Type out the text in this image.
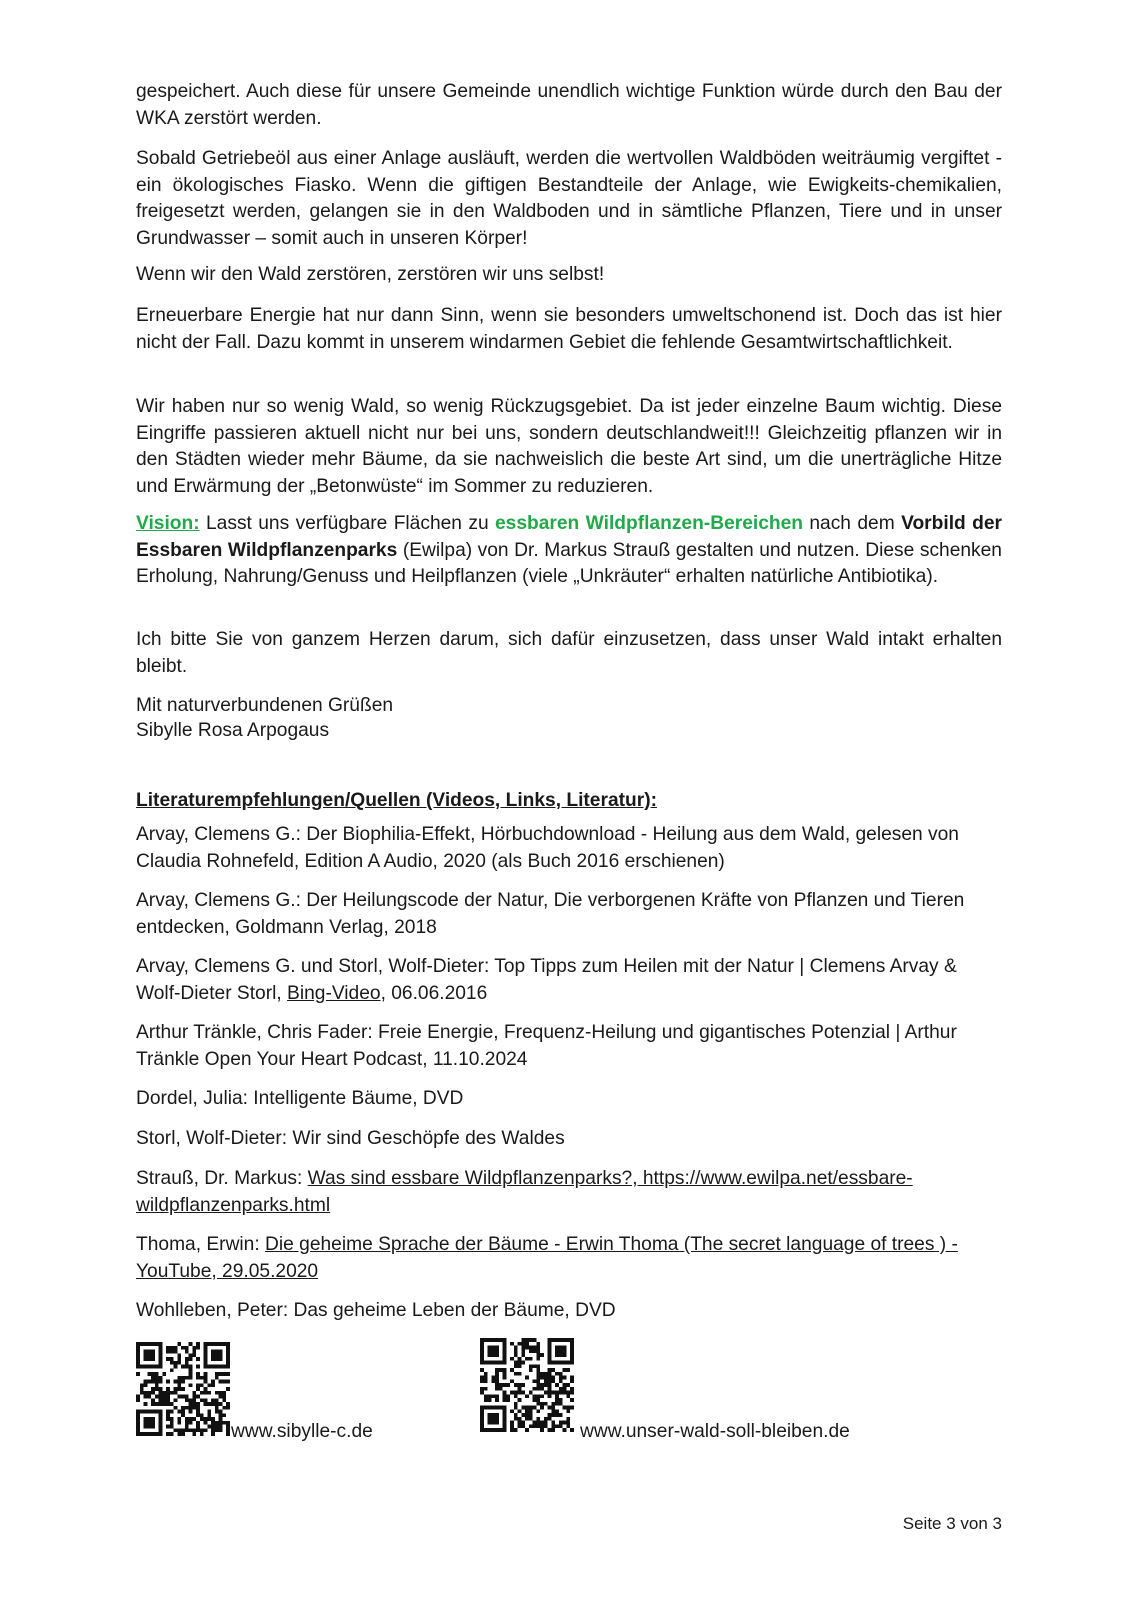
gespeichert. Auch diese für unsere Gemeinde unendlich wichtige Funktion würde durch den Bau der WKA zerstört werden.

Sobald Getriebeöl aus einer Anlage ausläuft, werden die wertvollen Waldböden weiträumig vergiftet - ein ökologisches Fiasko. Wenn die giftigen Bestandteile der Anlage, wie Ewigkeits-chemikalien, freigesetzt werden, gelangen sie in den Waldboden und in sämtliche Pflanzen, Tiere und in unser Grundwasser – somit auch in unseren Körper!

Wenn wir den Wald zerstören, zerstören wir uns selbst!

Erneuerbare Energie hat nur dann Sinn, wenn sie besonders umweltschonend ist. Doch das ist hier nicht der Fall. Dazu kommt in unserem windarmen Gebiet die fehlende Gesamtwirtschaftlichkeit.

Wir haben nur so wenig Wald, so wenig Rückzugsgebiet. Da ist jeder einzelne Baum wichtig. Diese Eingriffe passieren aktuell nicht nur bei uns, sondern deutschlandweit!!! Gleichzeitig pflanzen wir in den Städten wieder mehr Bäume, da sie nachweislich die beste Art sind, um die unerträgliche Hitze und Erwärmung der „Betonwüste“ im Sommer zu reduzieren.

Vision: Lasst uns verfügbare Flächen zu essbaren Wildpflanzen-Bereichen nach dem Vorbild der Essbaren Wildpflanzenparks (Ewilpa) von Dr. Markus Strauß gestalten und nutzen. Diese schenken Erholung, Nahrung/Genuss und Heilpflanzen (viele „Unkräuter“ erhalten natürliche Antibiotika).

Ich bitte Sie von ganzem Herzen darum, sich dafür einzusetzen, dass unser Wald intakt erhalten bleibt.

Mit naturverbundenen Grüßen

Sibylle Rosa Arpogaus

Literaturempfehlungen/Quellen (Videos, Links, Literatur):

Arvay, Clemens G.: Der Biophilia-Effekt, Hörbuchdownload - Heilung aus dem Wald, gelesen von Claudia Rohnefeld, Edition A Audio, 2020 (als Buch 2016 erschienen)

Arvay, Clemens G.: Der Heilungscode der Natur, Die verborgenen Kräfte von Pflanzen und Tieren entdecken, Goldmann Verlag, 2018

Arvay, Clemens G. und Storl, Wolf-Dieter: Top Tipps zum Heilen mit der Natur | Clemens Arvay & Wolf-Dieter Storl, Bing-Video, 06.06.2016

Arthur Tränkle, Chris Fader: Freie Energie, Frequenz-Heilung und gigantisches Potenzial | Arthur Tränkle Open Your Heart Podcast, 11.10.2024

Dordel, Julia: Intelligente Bäume, DVD

Storl, Wolf-Dieter: Wir sind Geschöpfe des Waldes

Strauß, Dr. Markus: Was sind essbare Wildpflanzenparks?, https://www.ewilpa.net/essbare-wildpflanzenparks.html

Thoma, Erwin: Die geheime Sprache der Bäume - Erwin Thoma (The secret language of trees ) - YouTube, 29.05.2020

Wohlleben, Peter: Das geheime Leben der Bäume, DVD

www.sibylle-c.de	www.unser-wald-soll-bleiben.de
Seite 3 von 3
